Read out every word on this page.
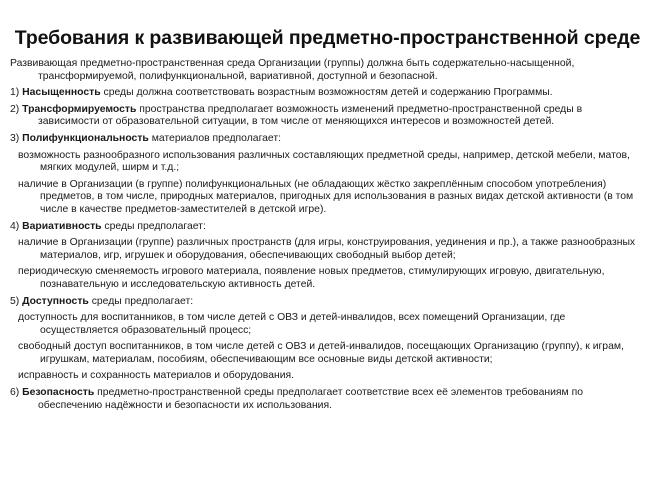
Требования к развивающей предметно-пространственной среде

Развивающая предметно-пространственная среда Организации (группы) должна быть содержательно-насыщенной, трансформируемой, полифункциональной, вариативной, доступной и безопасной.

1) Насыщенность среды должна соответствовать возрастным возможностям детей и содержанию Программы.

2) Трансформируемость пространства предполагает возможность изменений предметно-пространственной среды в зависимости от образовательной ситуации, в том числе от меняющихся интересов и возможностей детей.

3) Полифункциональность материалов предполагает:

возможность разнообразного использования различных составляющих предметной среды, например, детской мебели, матов, мягких модулей, ширм и т.д.;

наличие в Организации (в группе) полифункциональных (не обладающих жёстко закреплённым способом употребления) предметов, в том числе, природных материалов, пригодных для использования в разных видах детской активности (в том числе в качестве предметов-заместителей в детской игре).

4) Вариативность среды предполагает:

наличие в Организации (группе) различных пространств (для игры, конструирования, уединения и пр.), а также разнообразных материалов, игр, игрушек и оборудования, обеспечивающих свободный выбор детей;

периодическую сменяемость игрового материала, появление новых предметов, стимулирующих игровую, двигательную, познавательную и исследовательскую активность детей.

5) Доступность среды предполагает:

доступность для воспитанников, в том числе детей с ОВЗ и детей-инвалидов, всех помещений Организации, где осуществляется образовательный процесс;

свободный доступ воспитанников, в том числе детей с ОВЗ и детей-инвалидов, посещающих Организацию (группу), к играм, игрушкам, материалам, пособиям, обеспечивающим все основные виды детской активности;

исправность и сохранность материалов и оборудования.

6) Безопасность предметно-пространственной среды предполагает соответствие всех её элементов требованиям по обеспечению надёжности и безопасности их использования.
